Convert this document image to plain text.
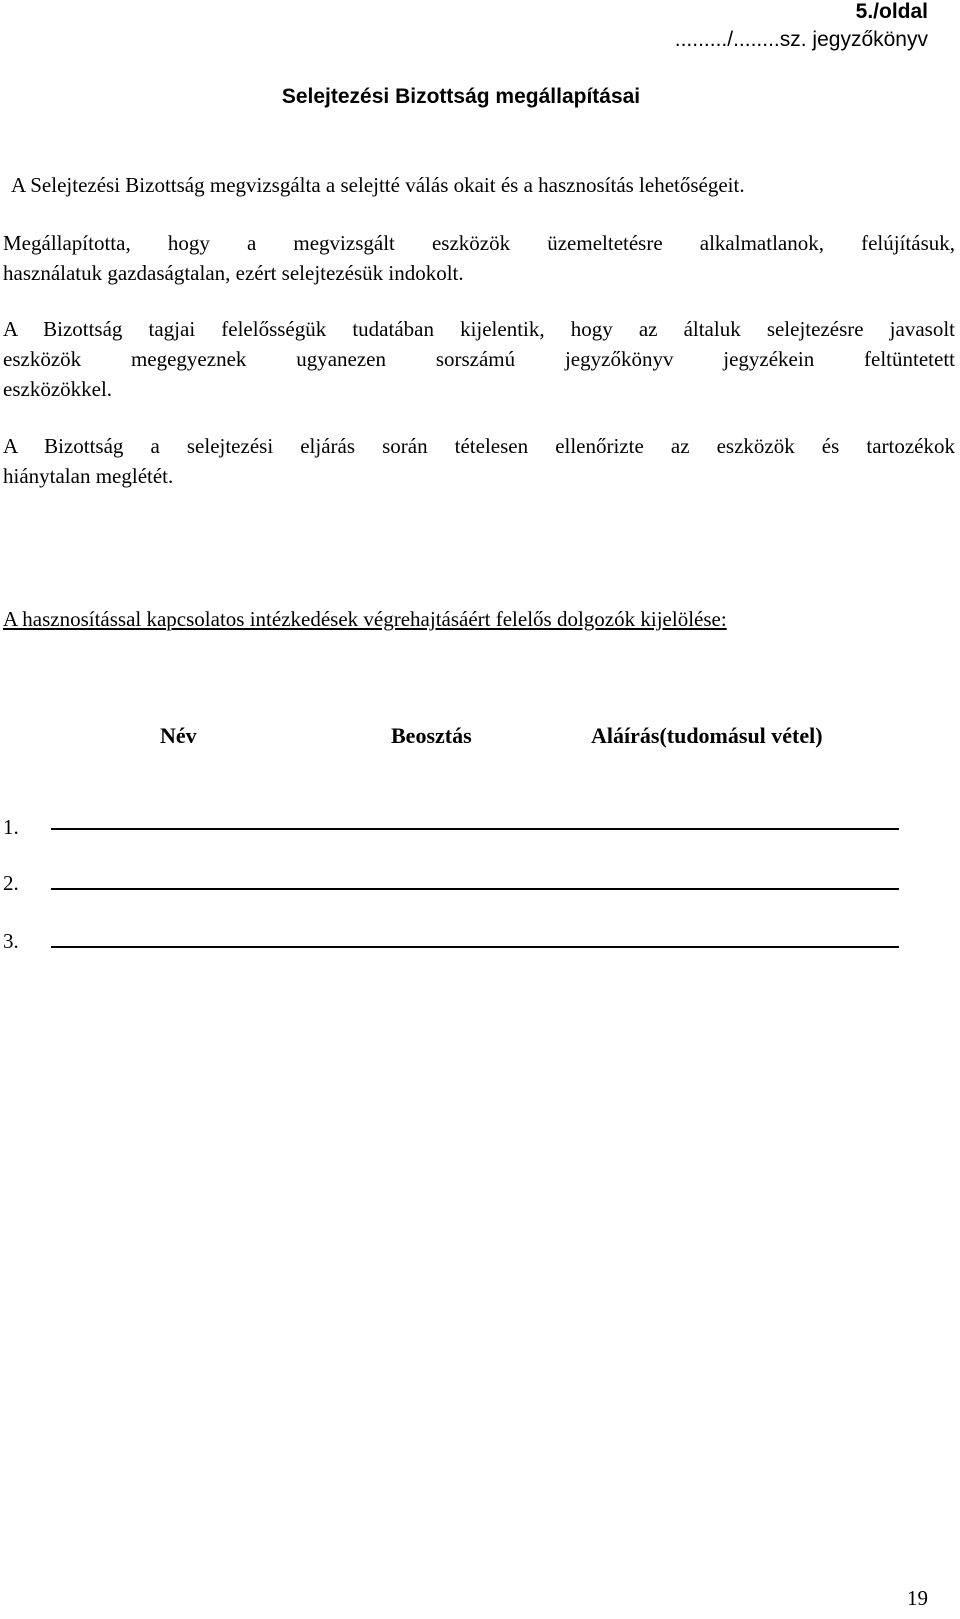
5./oldal
........./........sz. jegyzőkönyv
Selejtezési Bizottság megállapításai
A Selejtezési Bizottság megvizsgálta a selejtté válás okait és a hasznosítás lehetőségeit.
Megállapította, hogy a megvizsgált eszközök üzemeltetésre alkalmatlanok, felújításuk,
használatuk gazdaságtalan, ezért selejtezésük indokolt.
A Bizottság tagjai felelősségük tudatában kijelentik, hogy az általuk selejtezésre javasolt
eszközök megegyeznek ugyanezen sorszámú jegyzőkönyv jegyzékein feltüntetett
eszközökkel.
A Bizottság a selejtezési eljárás során tételesen ellenőrizte az eszközök és tartozékok
hiánytalan meglétét.
A hasznosítással kapcsolatos intézkedések végrehajtásáért felelős dolgozók kijelölése:
Név	Beosztás	Aláírás(tudomásul vétel)
1.
2.
3.
19
